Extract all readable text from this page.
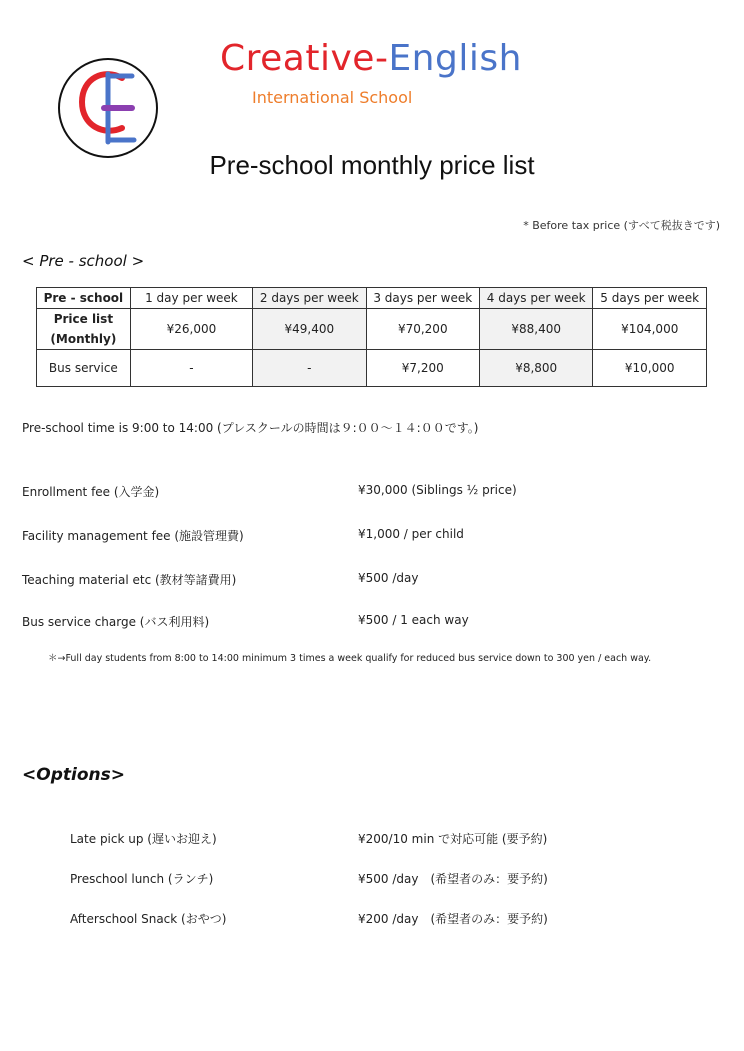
Creative-English
International School
Pre-school monthly price list
* Before tax price (すべて税抜きです)
< Pre - school >
Pre - school	1 day per week	2 days per week	3 days per week	4 days per week	5 days per week

Price list
(Monthly)	¥26,000	¥49,400	¥70,200	¥88,400	¥104,000
Bus service	-	-	¥7,200	¥8,800	¥10,000
Pre-school time is 9:00 to 14:00 (プレスクールの時間は９:００～１４:００です。)
Enrollment fee (入学金)	¥30,000 (Siblings ½ price)
Facility management fee (施設管理費)	¥1,000 / per child
Teaching material etc (教材等諸費用)	¥500 /day
Bus service charge (バス利用料)	¥500 / 1 each way
＊→Full day students from 8:00 to 14:00 minimum 3 times a week qualify for reduced bus service down to 300 yen / each way.
<Options>
Late pick up (遅いお迎え)	¥200/10 min で対応可能 (要予約)
Preschool lunch (ランチ)	¥500 /day　(希望者のみ：要予約)
Afterschool Snack (おやつ)	¥200 /day　(希望者のみ：要予約)
